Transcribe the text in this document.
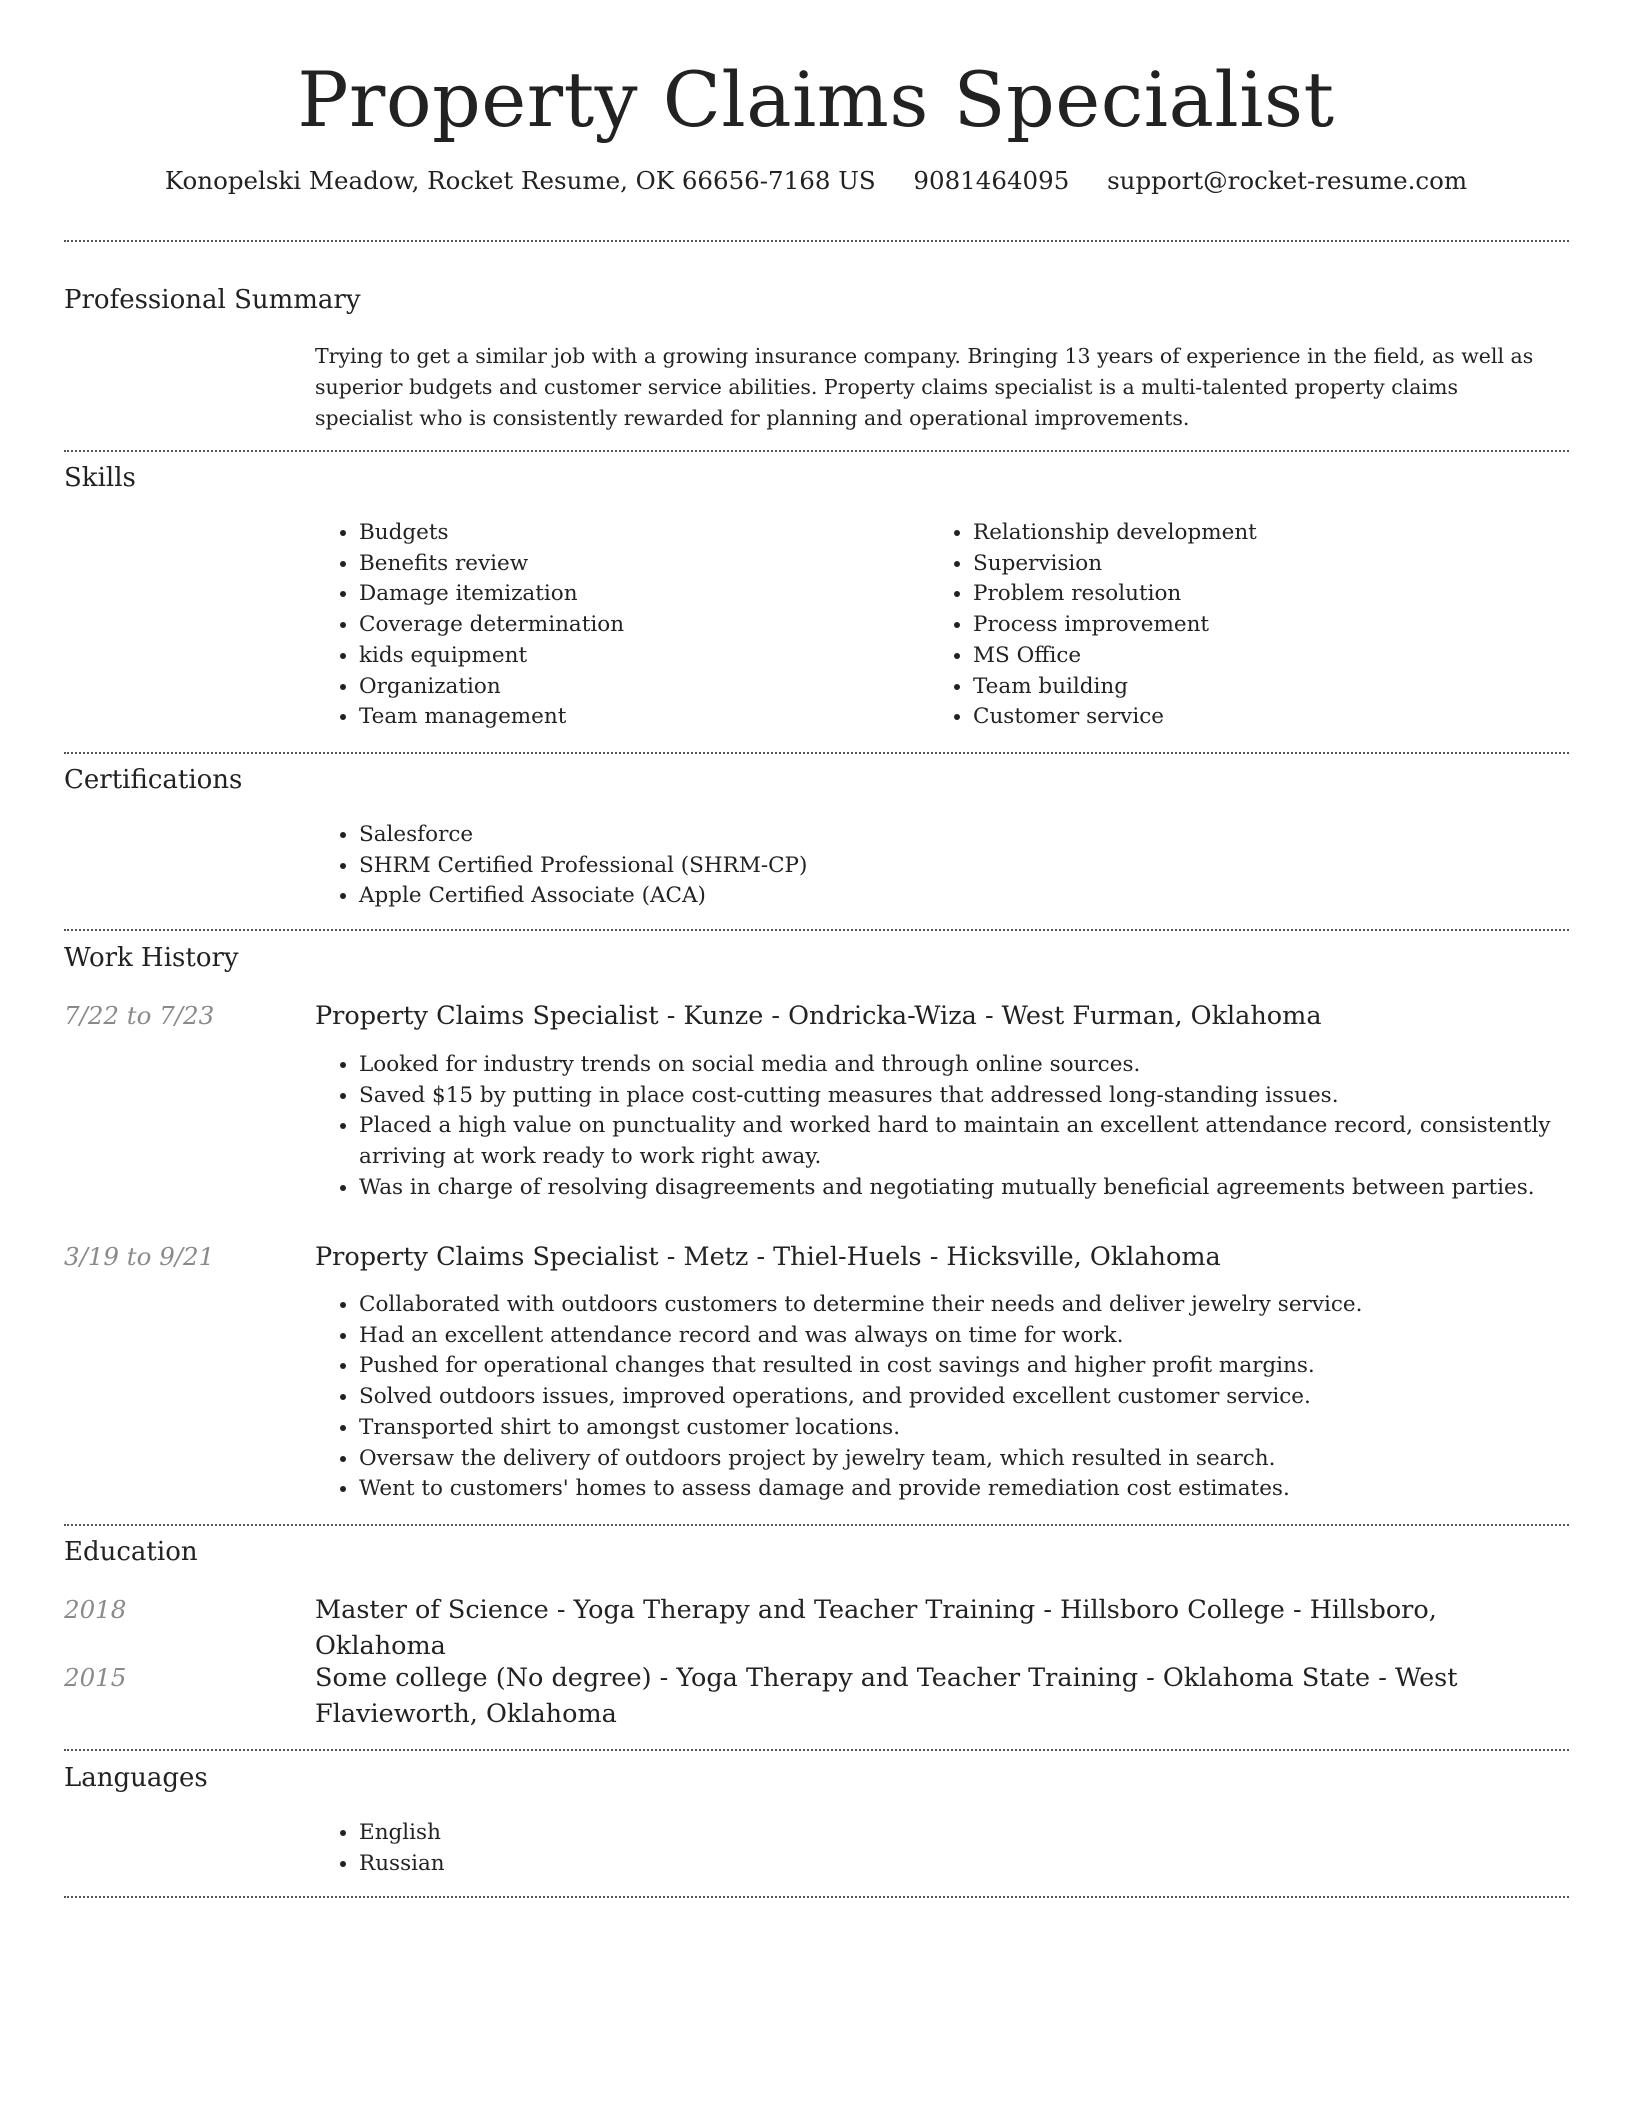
Property Claims Specialist
Konopelski Meadow, Rocket Resume, OK 66656-7168 US 9081464095 support@rocket-resume.com
Professional Summary

Trying to get a similar job with a growing insurance company. Bringing 13 years of experience in the field, as well as superior budgets and customer service abilities. Property claims specialist is a multi-talented property claims specialist who is consistently rewarded for planning and operational improvements.

Skills
• Budgets
• Benefits review
• Damage itemization
• Coverage determination
• kids equipment
• Organization
• Team management
• Relationship development
• Supervision
• Problem resolution
• Process improvement
• MS Office
• Team building
• Customer service
Certifications
• Salesforce
• SHRM Certified Professional (SHRM-CP)
• Apple Certified Associate (ACA)
Work History
7/22 to 7/23	Property Claims Specialist - Kunze - Ondricka-Wiza - West Furman, Oklahoma
• Looked for industry trends on social media and through online sources.
• Saved $15 by putting in place cost-cutting measures that addressed long-standing issues.
• Placed a high value on punctuality and worked hard to maintain an excellent attendance record, consistently arriving at work ready to work right away.
• Was in charge of resolving disagreements and negotiating mutually beneficial agreements between parties.
3/19 to 9/21	Property Claims Specialist - Metz - Thiel-Huels - Hicksville, Oklahoma
• Collaborated with outdoors customers to determine their needs and deliver jewelry service.
• Had an excellent attendance record and was always on time for work.
• Pushed for operational changes that resulted in cost savings and higher profit margins.
• Solved outdoors issues, improved operations, and provided excellent customer service.
• Transported shirt to amongst customer locations.
• Oversaw the delivery of outdoors project by jewelry team, which resulted in search.
• Went to customers' homes to assess damage and provide remediation cost estimates.
Education
2018	Master of Science - Yoga Therapy and Teacher Training - Hillsboro College - Hillsboro, Oklahoma
2015	Some college (No degree) - Yoga Therapy and Teacher Training - Oklahoma State - West Flavieworth, Oklahoma
Languages
• English
• Russian
